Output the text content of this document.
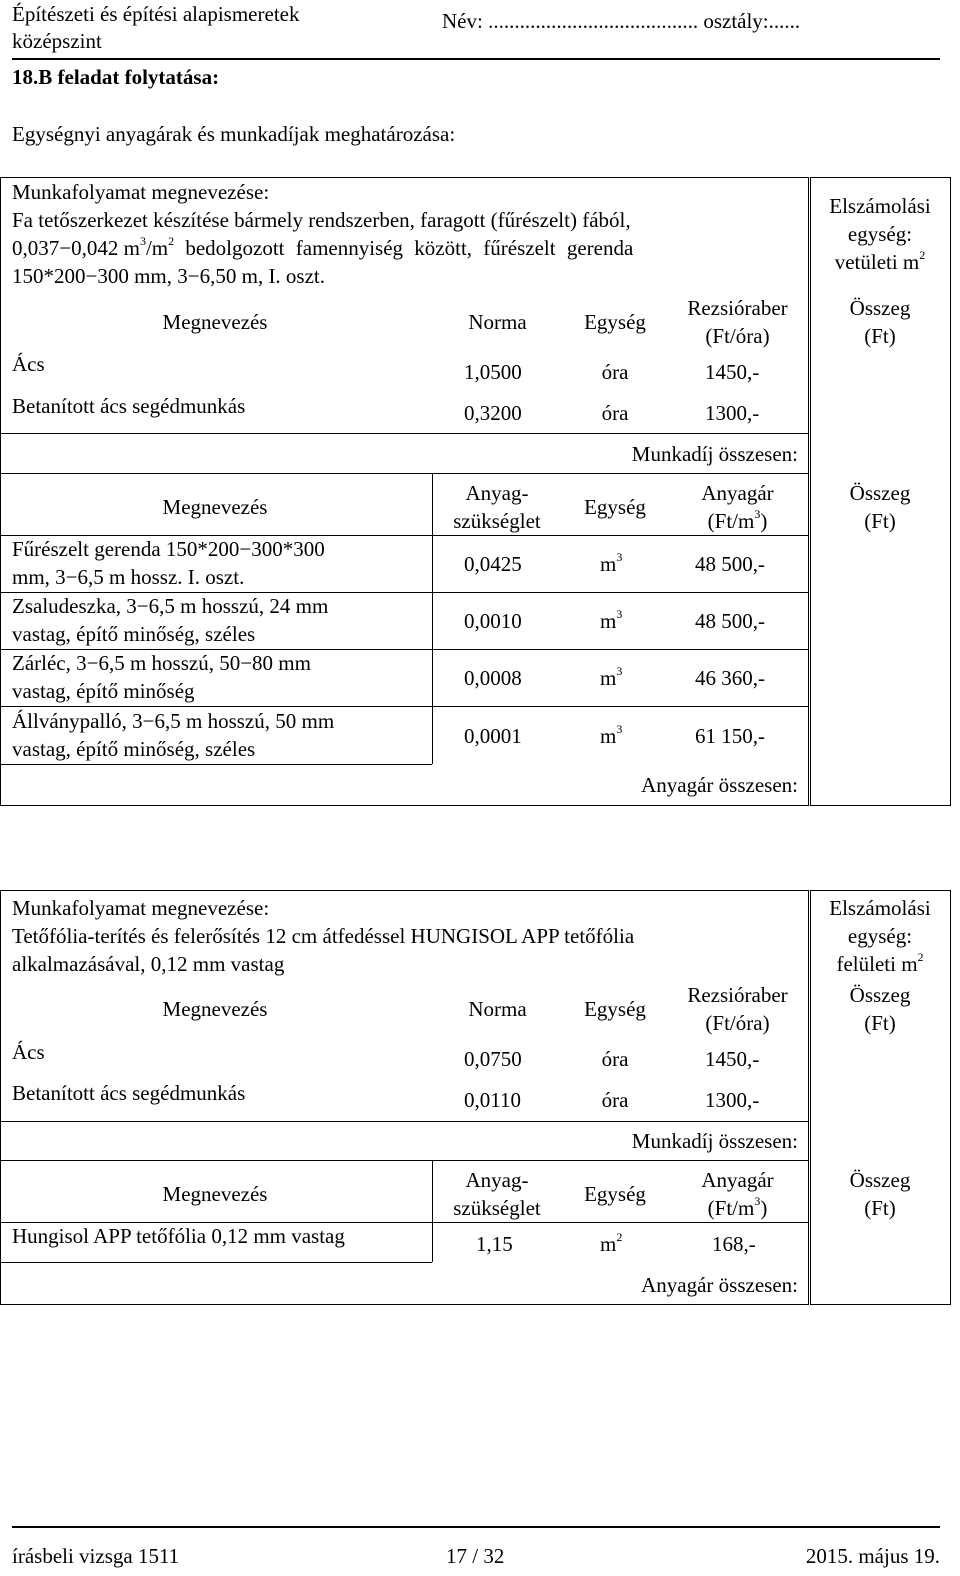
Építészeti és építési alapismeretek
középszint
Név: ........................................ osztály:......
18.B feladat folytatása:
Egységnyi anyagárak és munkadíjak meghatározása:
Munkafolyamat megnevezése:
Fa tetőszerkezet készítése bármely rendszerben, faragott (fűrészelt) fából,
0,037−0,042 $m^3/m^2$ bedolgozott famennyiség között, fűrészelt gerenda
150*200−300 mm, 3−6,50 m, I. oszt.
Elszámolási
egység:
vetületi $m^2$
Összeg
(Ft)
Megnevezés	Norma	Egység
Rezsióraber
(Ft/óra)
Ács	1,0500	óra	1450,-
Betanított ács segédmunkás	0,3200	óra	1300,-
Munkadíj összesen:
Megnevezés
Anyag-
szükséglet
Egység
Anyagár
$(Ft/m^3)$
Összeg
(Ft)
Fűrészelt gerenda 150*200−300*300
mm, 3−6,5 m hossz. I. oszt.
0,0425	$m^3$	48 500,-
Zsaludeszka, 3−6,5 m hosszú, 24 mm
vastag, építő minőség, széles
0,0010	$m^3$	48 500,-
Zárléc, 3−6,5 m hosszú, 50−80 mm
vastag, építő minőség
0,0008	$m^3$	46 360,-
Állványpalló, 3−6,5 m hosszú, 50 mm
vastag, építő minőség, széles
0,0001	$m^3$	61 150,-
Anyagár összesen:
Munkafolyamat megnevezése:
Tetőfólia-terítés és felerősítés 12 cm átfedéssel HUNGISOL APP tetőfólia
alkalmazásával, 0,12 mm vastag
Elszámolási
egység:
felületi $m^2$
Összeg
(Ft)
Megnevezés	Norma	Egység
Rezsióraber
(Ft/óra)
Ács	0,0750	óra	1450,-
Betanított ács segédmunkás	0,0110	óra	1300,-
Munkadíj összesen:
Megnevezés
Anyag-
szükséglet
Egység
Anyagár
$(Ft/m^3)$
Összeg
(Ft)
Hungisol APP tetőfólia 0,12 mm vastag	1,15	$m^2$	168,-
Anyagár összesen:
írásbeli vizsga 1511	17 / 32	2015. május 19.
